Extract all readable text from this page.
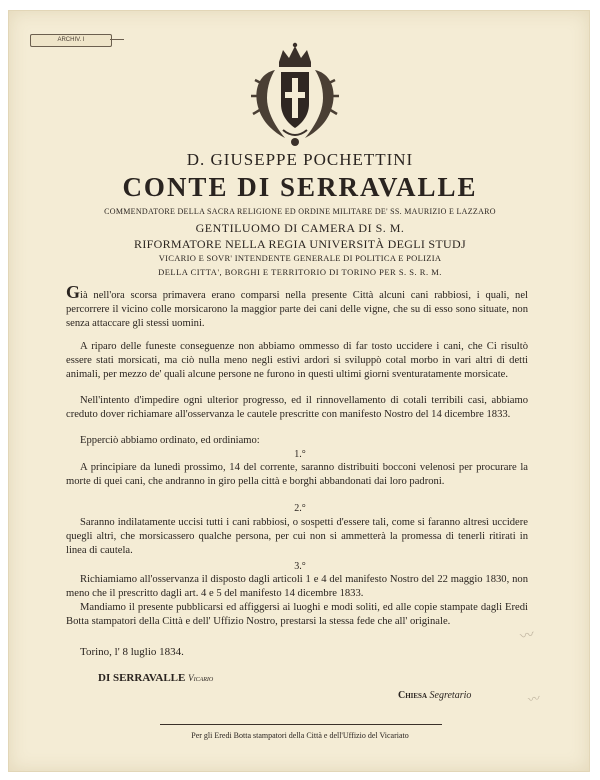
ARCHIV. I
D. GIUSEPPE POCHETTINI
CONTE DI SERRAVALLE
COMMENDATORE DELLA SACRA RELIGIONE ED ORDINE MILITARE DE' SS. MAURIZIO E LAZZARO
GENTILUOMO DI CAMERA DI S. M.
RIFORMATORE NELLA REGIA UNIVERSITÀ DEGLI STUDJ
VICARIO E SOVR' INTENDENTE GENERALE DI POLITICA E POLIZIA
DELLA CITTA', BORGHI E TERRITORIO DI TORINO PER S. S. R. M.
Già nell'ora scorsa primavera erano comparsi nella presente Città alcuni cani rabbiosi, i quali, nel percorrere il vicino colle morsicarono la maggior parte dei cani delle vigne, che su di esso sono situate, non senza attaccare gli stessi uomini.
A riparo delle funeste conseguenze non abbiamo ommesso di far tosto uccidere i cani, che Ci risultò essere stati morsicati, ma ciò nulla meno negli estivi ardori si sviluppò cotal morbo in vari altri di detti animali, per mezzo de' quali alcune persone ne furono in questi ultimi giorni sventuratamente morsicate.
Nell'intento d'impedire ogni ulterior progresso, ed il rinnovellamento di cotali terribili casi, abbiamo creduto dover richiamare all'osservanza le cautele prescritte con manifesto Nostro del 14 dicembre 1833.
Epperciò abbiamo ordinato, ed ordiniamo:
1.°
A principiare da lunedì prossimo, 14 del corrente, saranno distribuiti bocconi velenosi per procurare la morte di quei cani, che andranno in giro pella città e borghi abbandonati dai loro padroni.
2.°
Saranno indilatamente uccisi tutti i cani rabbiosi, o sospetti d'essere tali, come si faranno altresì uccidere quegli altri, che morsicassero qualche persona, per cui non si ammetterà la promessa di tenerli ritirati in linea di cautela.
3.°
Richiamiamo all'osservanza il disposto dagli articoli 1 e 4 del manifesto Nostro del 22 maggio 1830, non meno che il prescritto dagli art. 4 e 5 del manifesto 14 dicembre 1833.
Mandiamo il presente pubblicarsi ed affiggersi ai luoghi e modi soliti, ed alle copie stampate dagli Eredi Botta stampatori della Città e dell' Uffizio Nostro, prestarsi la stessa fede che all' originale.
Torino, l' 8 luglio 1834.
DI SERRAVALLE Vicario
Chiesa Segretario
Per gli Eredi Botta stampatori della Città e dell'Uffizio del Vicariato
〰
〰
